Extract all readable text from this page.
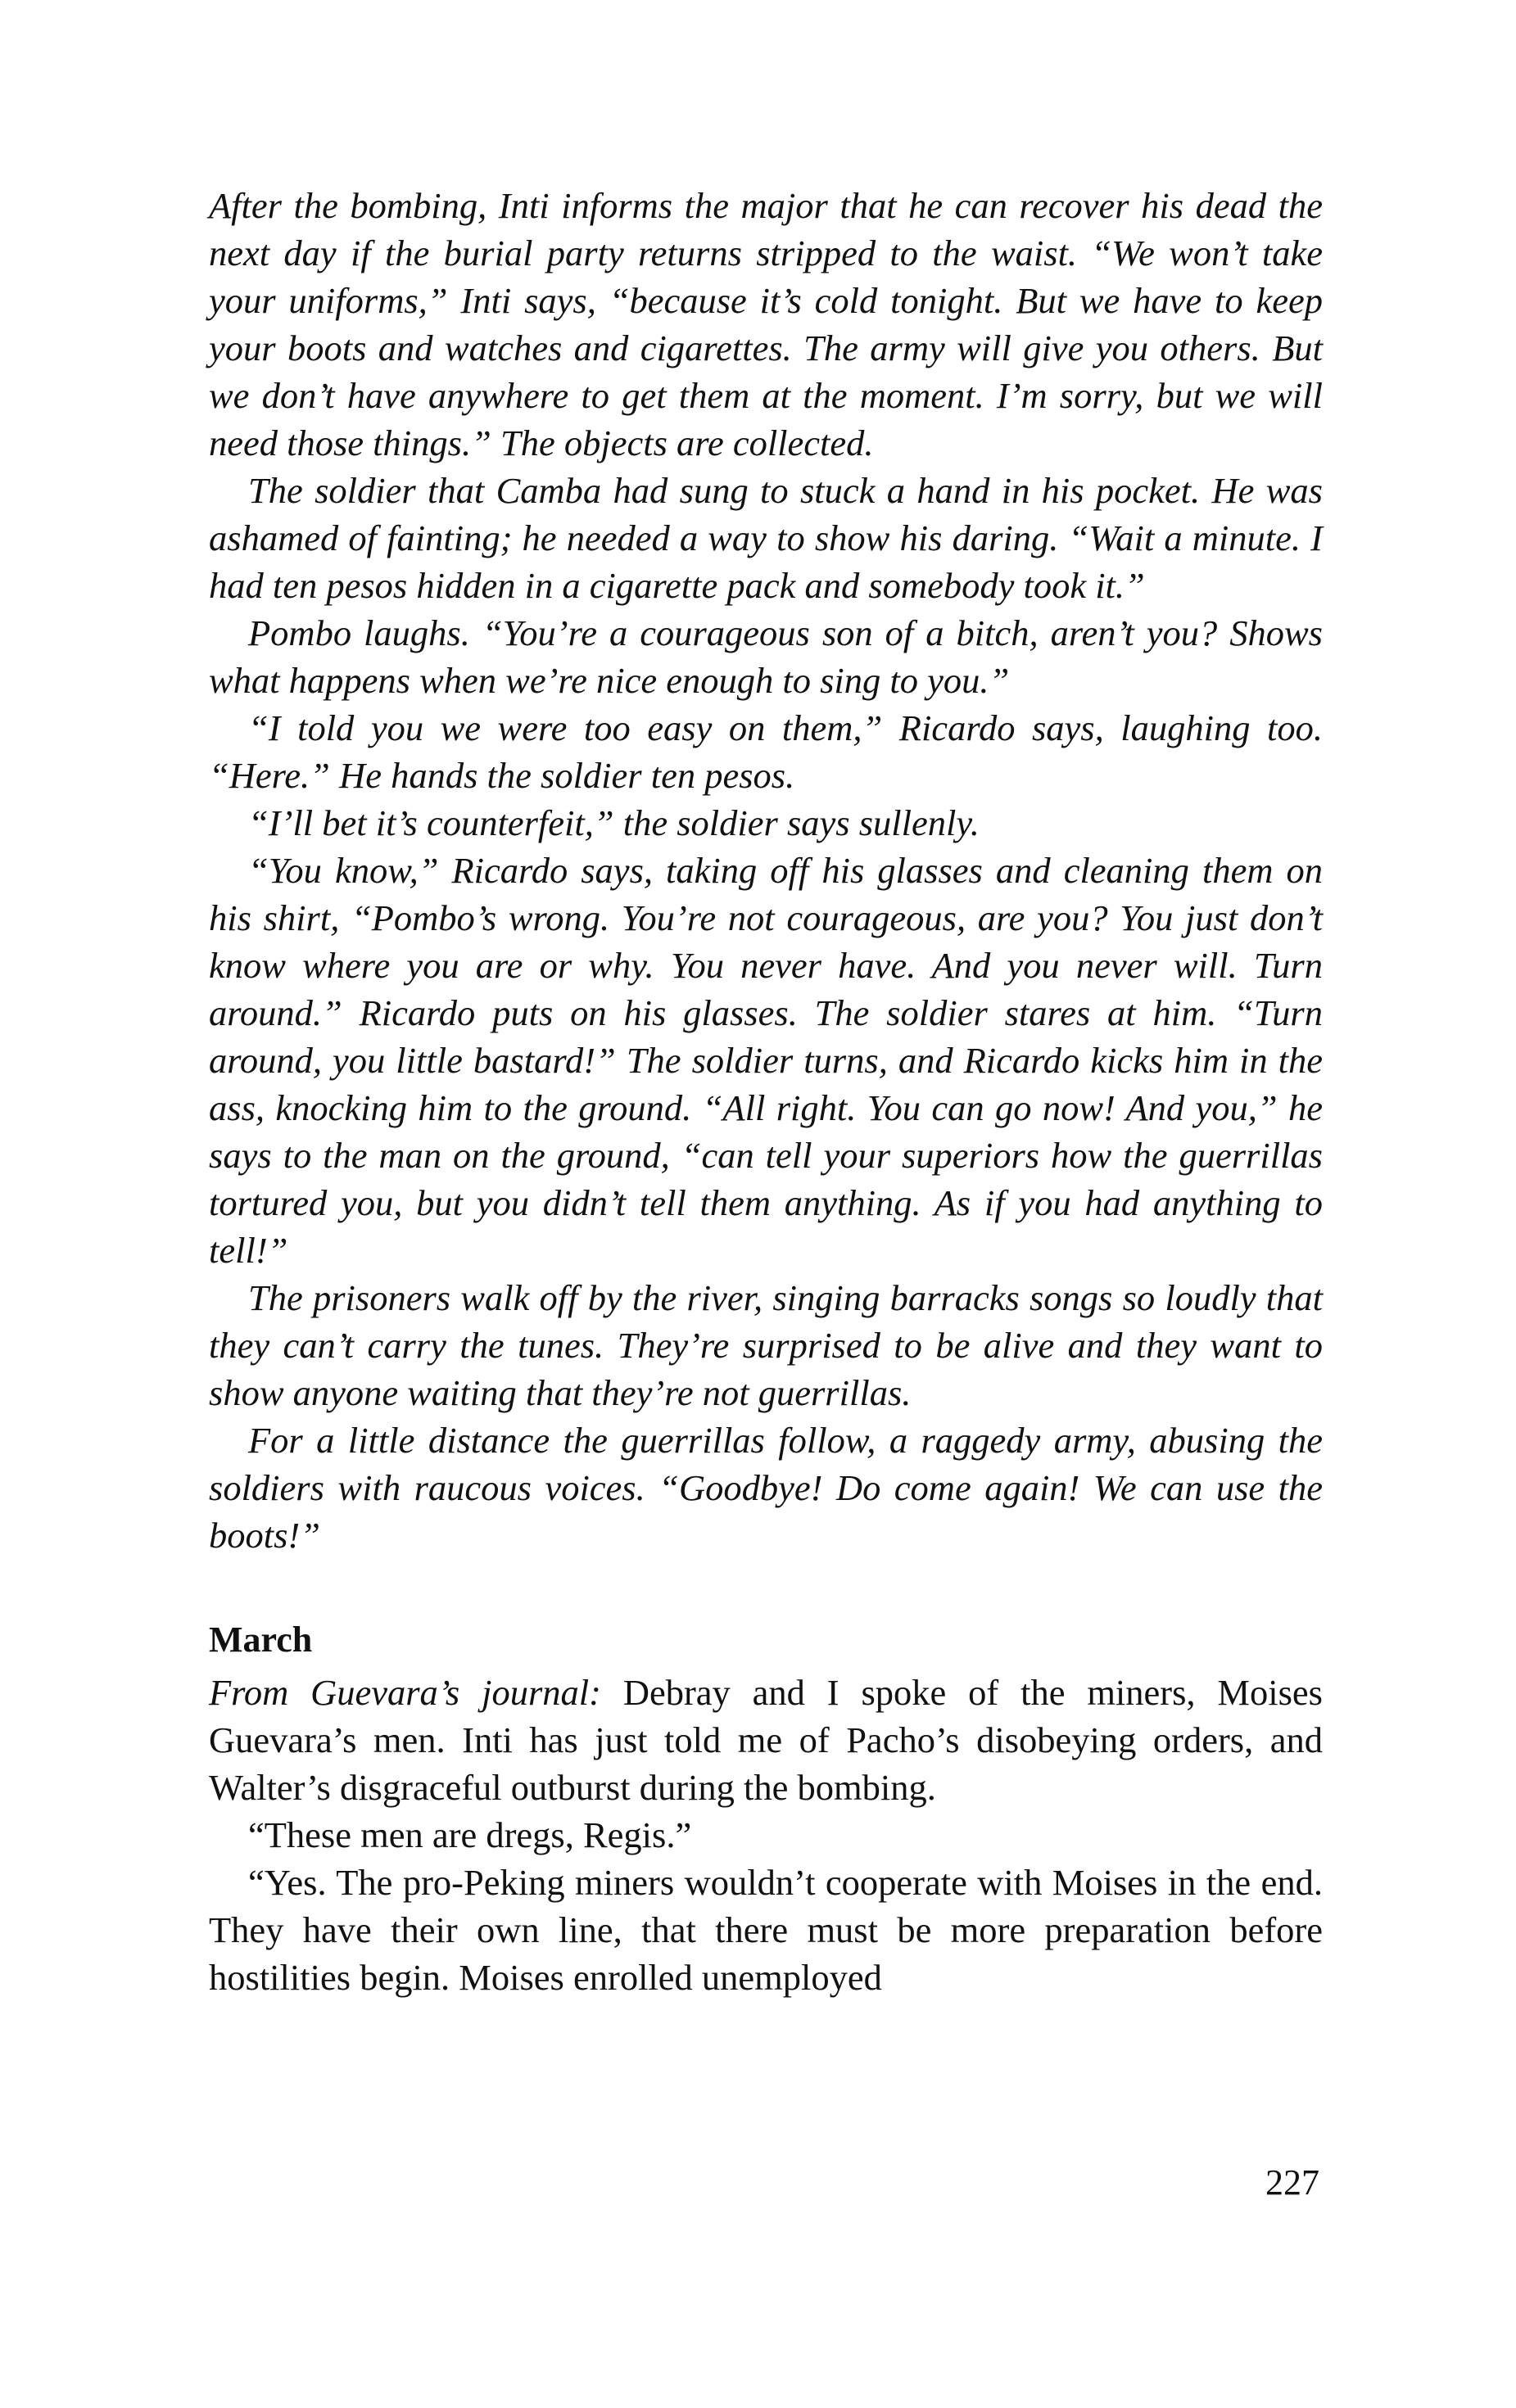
After the bombing, Inti informs the major that he can recover his dead the next day if the burial party returns stripped to the waist. “We won’t take your uniforms,” Inti says, “because it’s cold tonight. But we have to keep your boots and watches and cigarettes. The army will give you others. But we don’t have anywhere to get them at the moment. I’m sorry, but we will need those things.” The objects are collected.

The soldier that Camba had sung to stuck a hand in his pocket. He was ashamed of fainting; he needed a way to show his daring. “Wait a minute. I had ten pesos hidden in a cigarette pack and somebody took it.”

Pombo laughs. “You’re a courageous son of a bitch, aren’t you? Shows what happens when we’re nice enough to sing to you.”

“I told you we were too easy on them,” Ricardo says, laughing too. “Here.” He hands the soldier ten pesos.

“I’ll bet it’s counterfeit,” the soldier says sullenly.

“You know,” Ricardo says, taking off his glasses and cleaning them on his shirt, “Pombo’s wrong. You’re not courageous, are you? You just don’t know where you are or why. You never have. And you never will. Turn around.” Ricardo puts on his glasses. The soldier stares at him. “Turn around, you little bastard!” The soldier turns, and Ricardo kicks him in the ass, knocking him to the ground. “All right. You can go now! And you,” he says to the man on the ground, “can tell your superiors how the guerrillas tortured you, but you didn’t tell them anything. As if you had anything to tell!”

The prisoners walk off by the river, singing barracks songs so loudly that they can’t carry the tunes. They’re surprised to be alive and they want to show anyone waiting that they’re not guerrillas.

For a little distance the guerrillas follow, a raggedy army, abusing the soldiers with raucous voices. “Goodbye! Do come again! We can use the boots!”

March

From Guevara’s journal: Debray and I spoke of the miners, Moises Guevara’s men. Inti has just told me of Pacho’s disobeying orders, and Walter’s disgraceful outburst during the bombing.

“These men are dregs, Regis.”

“Yes. The pro-Peking miners wouldn’t cooperate with Moises in the end. They have their own line, that there must be more preparation before hostilities begin. Moises enrolled unemployed

227
